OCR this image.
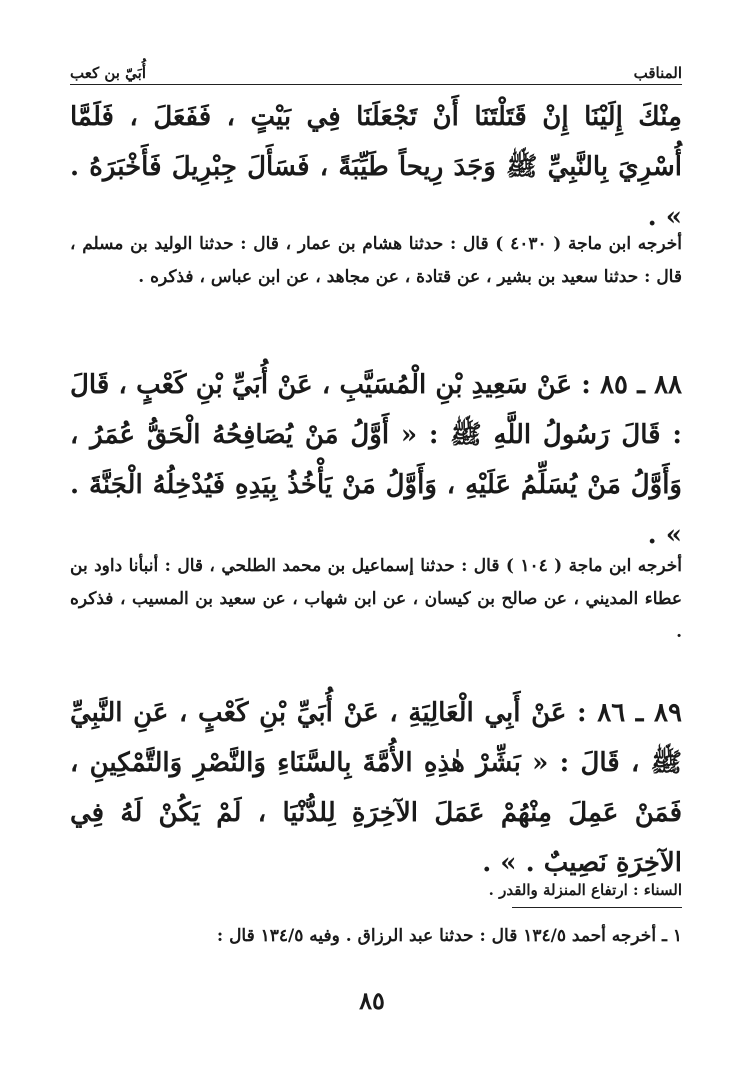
المناقب
أُبَيّ بن كعب
مِنْكَ إِلَيْنَا إِنْ قَتَلْتَنَا أَنْ تَجْعَلَنَا فِي بَيْتٍ ، فَفَعَلَ ، فَلَمَّا أُسْرِيَ بِالنَّبِيِّ ﷺ وَجَدَ رِيحاً طَيِّبَةً ، فَسَأَلَ جِبْرِيلَ فَأَخْبَرَهُ . » .
أخرجه ابن ماجة ( ٤٠٣٠ ) قال : حدثنا هشام بن عمار ، قال : حدثنا الوليد بن مسلم ، قال : حدثنا سعيد بن بشير ، عن قتادة ، عن مجاهد ، عن ابن عباس ، فذكره .
٨٨ ـ ٨٥ : عَنْ سَعِيدِ بْنِ الْمُسَيَّبِ ، عَنْ أُبَيِّ بْنِ كَعْبٍ ، قَالَ : قَالَ رَسُولُ اللَّهِ ﷺ : « أَوَّلُ مَنْ يُصَافِحُهُ الْحَقُّ عُمَرُ ، وَأَوَّلُ مَنْ يُسَلِّمُ عَلَيْهِ ، وَأَوَّلُ مَنْ يَأْخُذُ بِيَدِهِ فَيُدْخِلُهُ الْجَنَّةَ . » .
أخرجه ابن ماجة ( ١٠٤ ) قال : حدثنا إسماعيل بن محمد الطلحي ، قال : أنبأنا داود بن عطاء المديني ، عن صالح بن كيسان ، عن ابن شهاب ، عن سعيد بن المسيب ، فذكره .
٨٩ ـ ٨٦ : عَنْ أَبِي الْعَالِيَةِ ، عَنْ أُبَيِّ بْنِ كَعْبٍ ، عَنِ النَّبِيِّ ﷺ ، قَالَ : « بَشِّرْ هٰذِهِ الأُمَّةَ بِالسَّنَاءِ وَالنَّصْرِ وَالتَّمْكِينِ ، فَمَنْ عَمِلَ مِنْهُمْ عَمَلَ الآخِرَةِ لِلدُّنْيَا ، لَمْ يَكُنْ لَهُ فِي الآخِرَةِ نَصِيبٌ . » .
السناء : ارتفاع المنزلة والقدر .
١ ـ أخرجه أحمد ١٣٤/٥ قال : حدثنا عبد الرزاق . وفيه ١٣٤/٥ قال :
٨٥
